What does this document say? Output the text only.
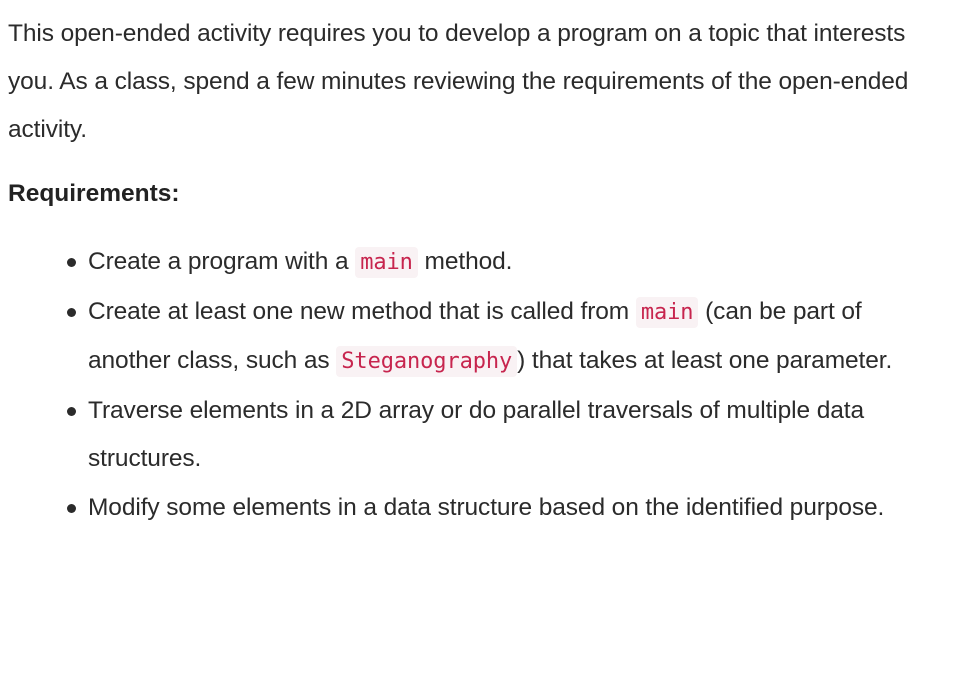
This open-ended activity requires you to develop a program on a topic that interests you. As a class, spend a few minutes reviewing the requirements of the open-ended activity.

Requirements:
Create a program with a main method.
Create at least one new method that is called from main (can be part of another class, such as Steganography ) that takes at least one parameter.
Traverse elements in a 2D array or do parallel traversals of multiple data structures.
Modify some elements in a data structure based on the identified purpose.
